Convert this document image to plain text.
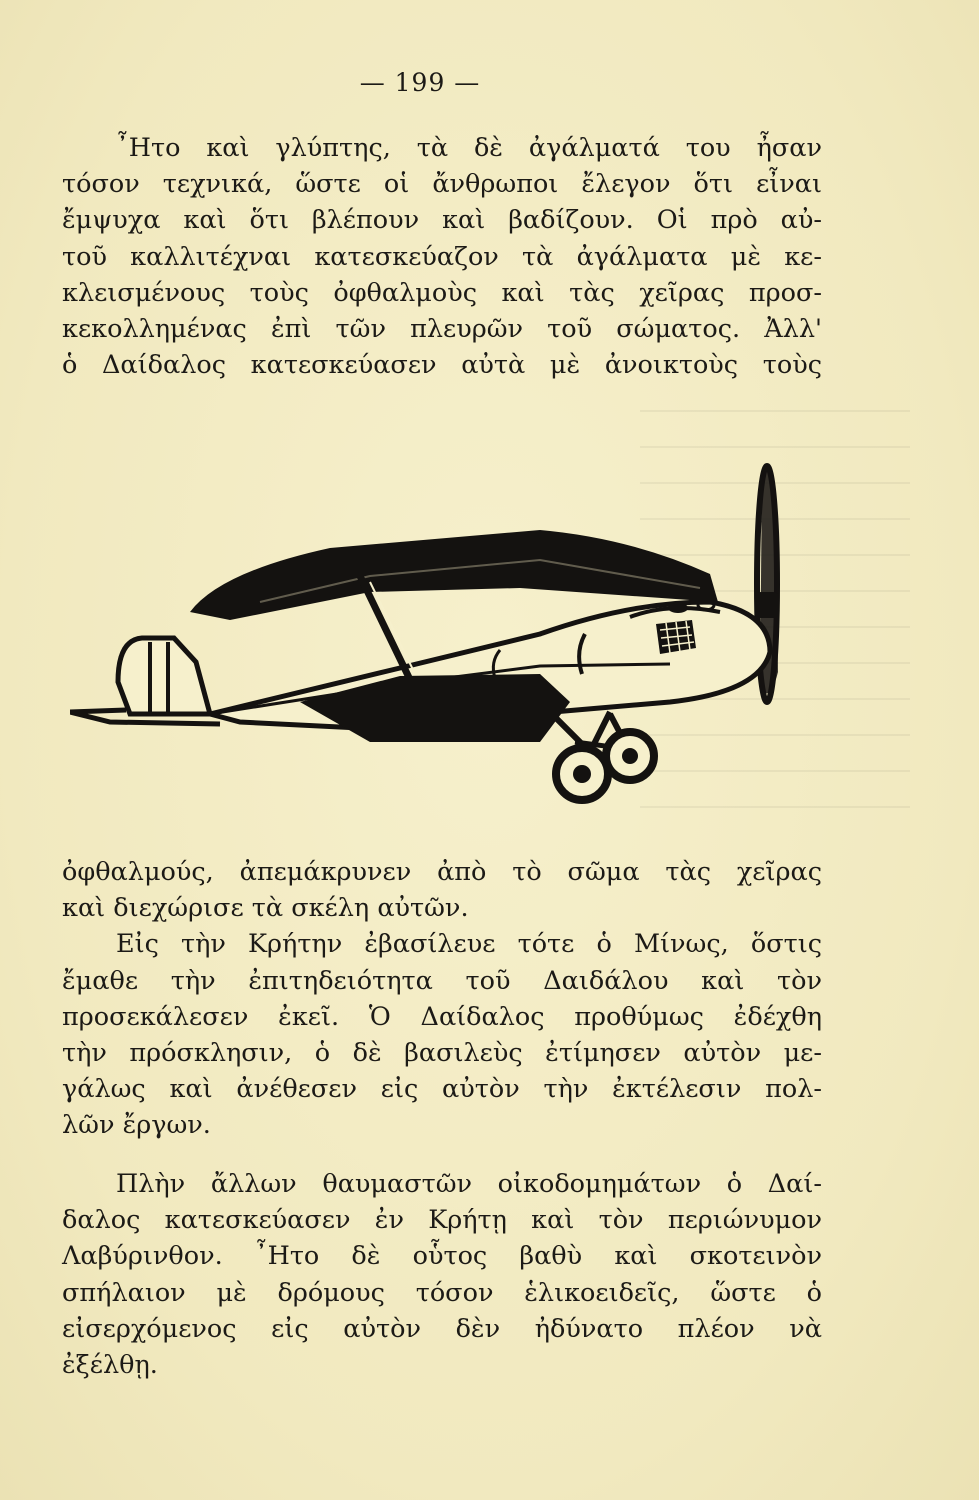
— 199 —
῏Ητο καὶ γλύπτης, τὰ δὲ ἀγάλματά του ἦσαν
τόσον τεχνικά, ὥστε οἱ ἄνθρωποι ἔλεγον ὅτι εἶναι
ἔμψυχα καὶ ὅτι βλέπουν καὶ βαδίζουν. Οἱ πρὸ αὐ-
τοῦ καλλιτέχναι κατεσκεύαζον τὰ ἀγάλματα μὲ κε-
κλεισμένους τοὺς ὀφθαλμοὺς καὶ τὰς χεῖρας προσ-
κεκολλημένας ἐπὶ τῶν πλευρῶν τοῦ σώματος. Ἀλλ'
ὁ Δαίδαλος κατεσκεύασεν αὐτὰ μὲ ἀνοικτοὺς τοὺς
ὀφθαλμούς, ἀπεμάκρυνεν ἀπὸ τὸ σῶμα τὰς χεῖρας
καὶ διεχώρισε τὰ σκέλη αὐτῶν.
Εἰς τὴν Κρήτην ἐβασίλευε τότε ὁ Μίνως, ὅστις
ἔμαθε τὴν ἐπιτηδειότητα τοῦ Δαιδάλου καὶ τὸν
προσεκάλεσεν ἐκεῖ. Ὁ Δαίδαλος προθύμως ἐδέχθη
τὴν πρόσκλησιν, ὁ δὲ βασιλεὺς ἐτίμησεν αὐτὸν με-
γάλως καὶ ἀνέθεσεν εἰς αὐτὸν τὴν ἐκτέλεσιν πολ-
λῶν ἔργων.
Πλὴν ἄλλων θαυμαστῶν οἰκοδομημάτων ὁ Δαί-
δαλος κατεσκεύασεν ἐν Κρήτῃ καὶ τὸν περιώνυμον
Λαβύρινθον. ῏Ητο δὲ οὗτος βαθὺ καὶ σκοτεινὸν
σπήλαιον μὲ δρόμους τόσον ἑλικοειδεῖς, ὥστε ὁ
εἰσερχόμενος εἰς αὐτὸν δὲν ἠδύνατο πλέον νὰ
ἐξέλθῃ.
